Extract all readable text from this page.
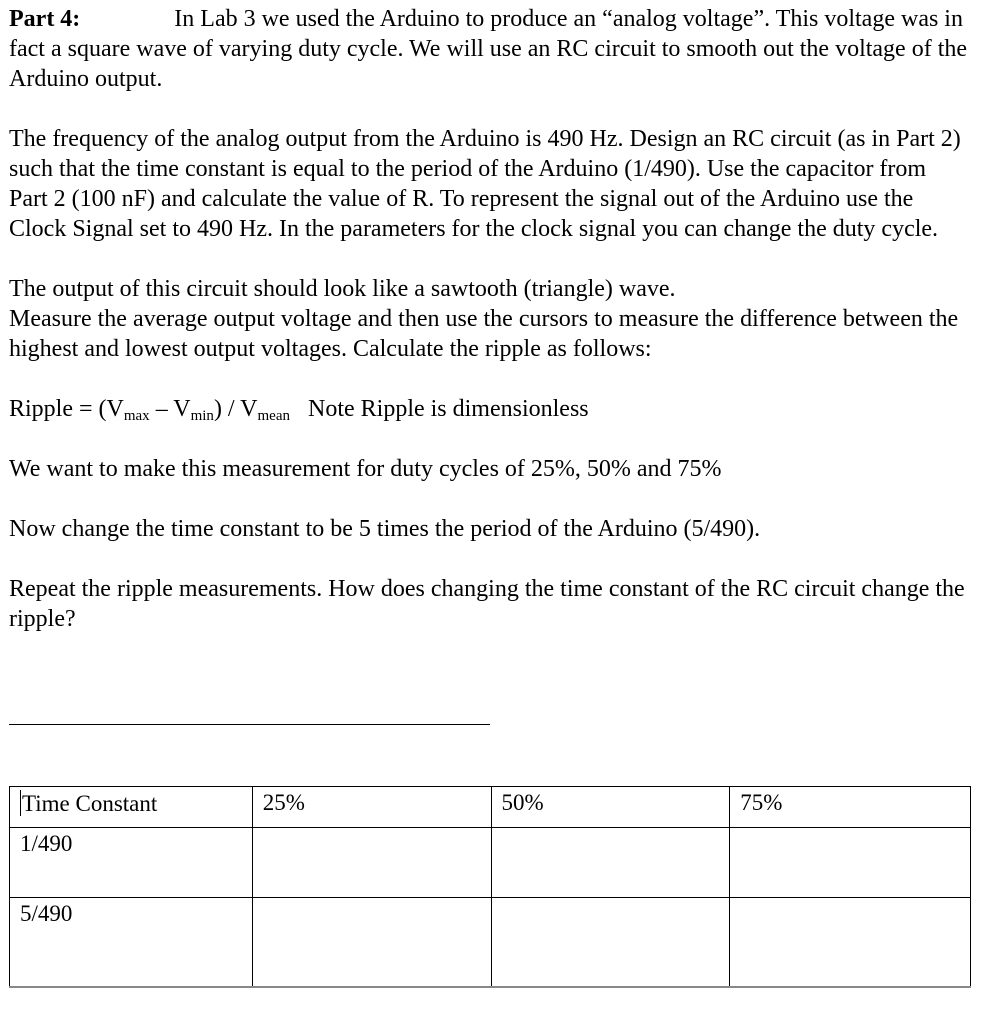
Part 4:	In Lab 3 we used the Arduino to produce an “analog voltage”. This voltage was in fact a square wave of varying duty cycle. We will use an RC circuit to smooth out the voltage of the Arduino output.

The frequency of the analog output from the Arduino is 490 Hz. Design an RC circuit (as in Part 2) such that the time constant is equal to the period of the Arduino (1/490). Use the capacitor from Part 2 (100 nF) and calculate the value of R. To represent the signal out of the Arduino use the Clock Signal set to 490 Hz. In the parameters for the clock signal you can change the duty cycle.

The output of this circuit should look like a sawtooth (triangle) wave.
Measure the average output voltage and then use the cursors to measure the difference between the highest and lowest output voltages. Calculate the ripple as follows:

Ripple = $(V_{max} - V_{min}) / V_{mean}$ Note Ripple is dimensionless

We want to make this measurement for duty cycles of 25%, 50% and 75%

Now change the time constant to be 5 times the period of the Arduino (5/490).

Repeat the ripple measurements. How does changing the time constant of the RC circuit change the ripple?

Time Constant	25%	50%	75%
1/490			
5/490			
